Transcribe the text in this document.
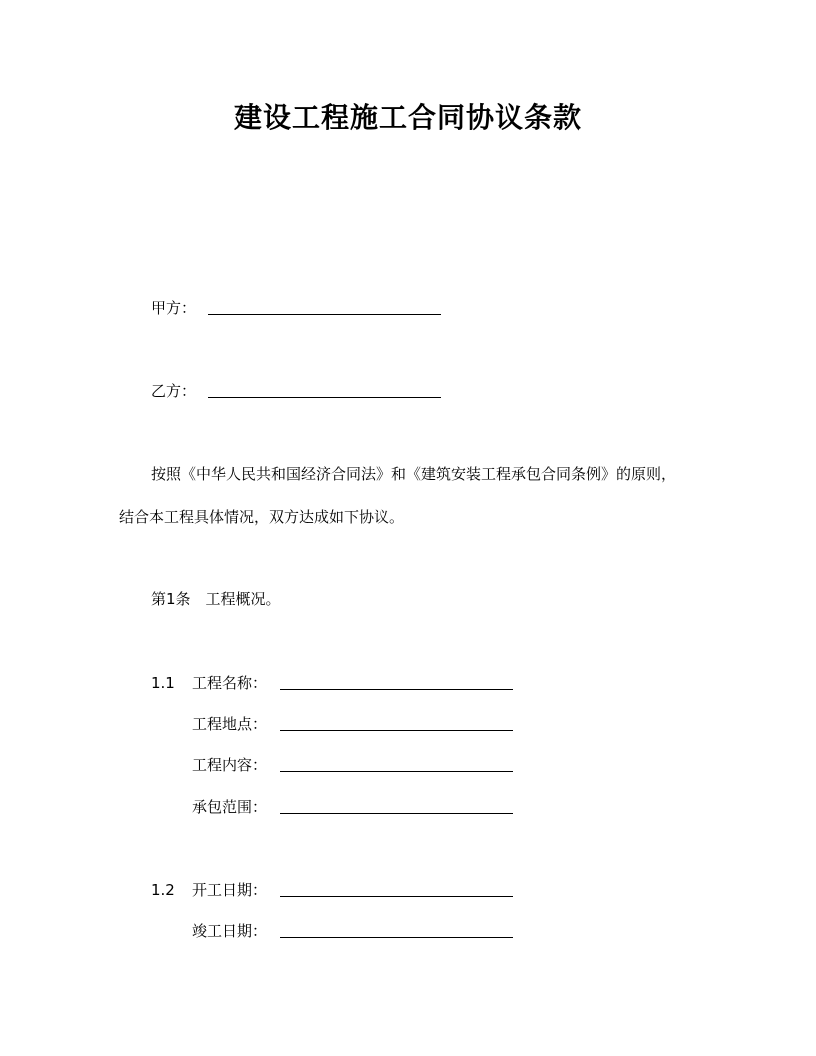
建设工程施工合同协议条款
甲方：
乙方：
按照《中华人民共和国经济合同法》和《建筑安装工程承包合同条例》的原则，
结合本工程具体情况，双方达成如下协议。
第1条　工程概况。
1.1 工程名称：
工程地点：
工程内容：
承包范围：
1.2 开工日期：
竣工日期：
